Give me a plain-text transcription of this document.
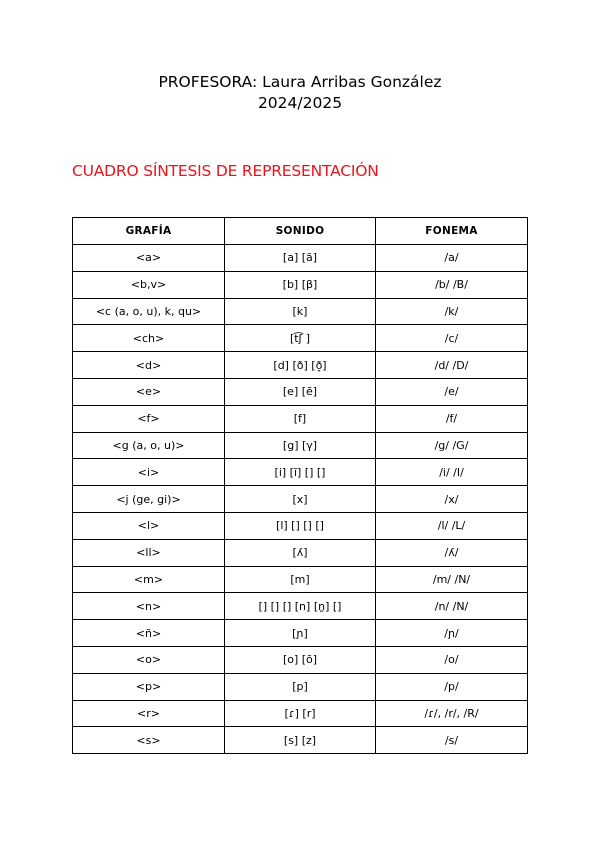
PROFESORA: Laura Arribas González
2024/2025
CUADRO SÍNTESIS DE REPRESENTACIÓN
GRAFÍA	SONIDO	FONEMA
<a>	[a] [ã]	/a/
<b,v>	[b] [β]	/b/ /B/
<c (a, o, u), k, qu>	[k]	/k/
<ch>	[t͡ʃ ]	/c/
<d>	[d] [ð] [ð̞]	/d/ /D/
<e>	[e] [ẽ]	/e/
<f>	[f]	/f/
<g (a, o, u)>	[g] [γ]	/g/ /G/
<i>	[i] [ĩ] [] []	/i/ /I/
<j (ge, gi)>	[x]	/x/
<l>	[l] [] [] []	/l/ /L/
<ll>	[ʎ]	/ʎ/
<m>	[m]	/m/ /N/
<n>	[] [] [] [n] [n̪] []	/n/ /N/
<ñ>	[ɲ]	/ɲ/
<o>	[o] [õ]	/o/
<p>	[p]	/p/
<r>	[ɾ] [r]	/ɾ/, /r/, /R/
<s>	[s] [z]	/s/
